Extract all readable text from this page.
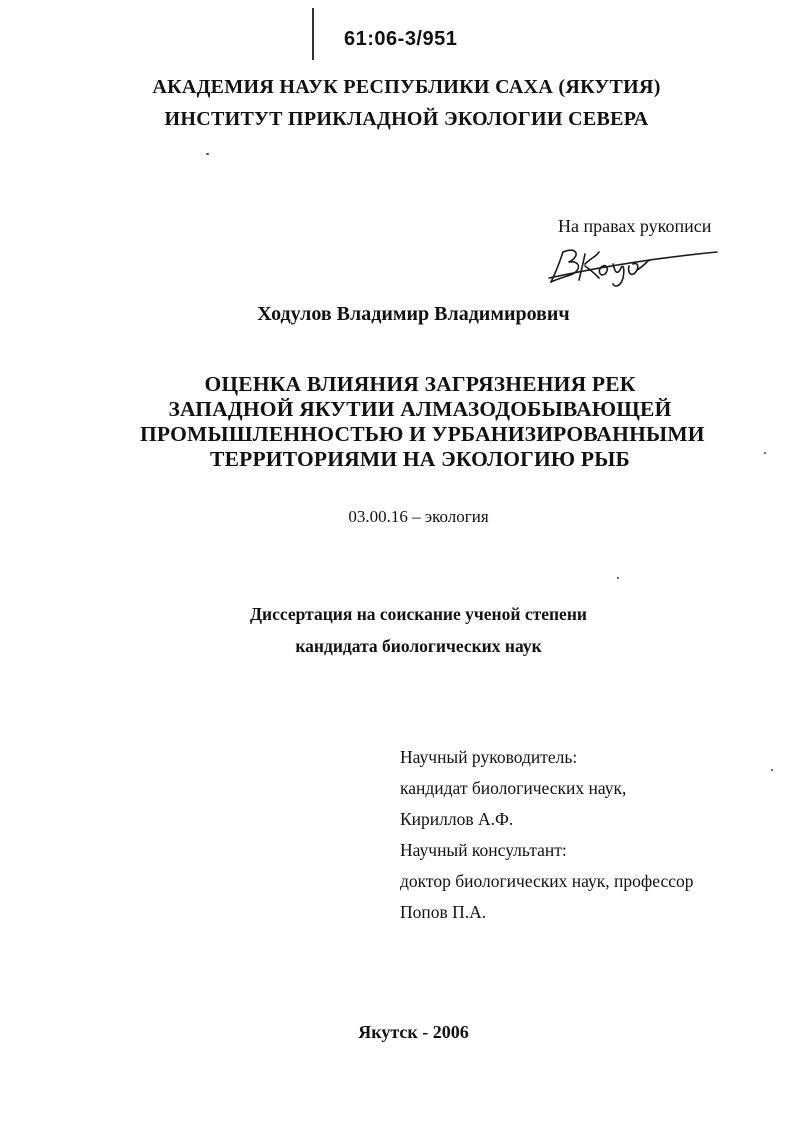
61:06-3/951
АКАДЕМИЯ НАУК РЕСПУБЛИКИ САХА (ЯКУТИЯ)
ИНСТИТУТ ПРИКЛАДНОЙ ЭКОЛОГИИ СЕВЕРА
На правах рукописи
Ходулов Владимир Владимирович
ОЦЕНКА ВЛИЯНИЯ ЗАГРЯЗНЕНИЯ РЕК
ЗАПАДНОЙ ЯКУТИИ АЛМАЗОДОБЫВАЮЩЕЙ
ПРОМЫШЛЕННОСТЬЮ И УРБАНИЗИРОВАННЫМИ
ТЕРРИТОРИЯМИ НА ЭКОЛОГИЮ РЫБ
03.00.16 – экология
Диссертация на соискание ученой степени
кандидата биологических наук
Научный руководитель:
кандидат биологических наук,
Кириллов А.Ф.
Научный консультант:
доктор биологических наук, профессор
Попов П.А.
Якутск - 2006
